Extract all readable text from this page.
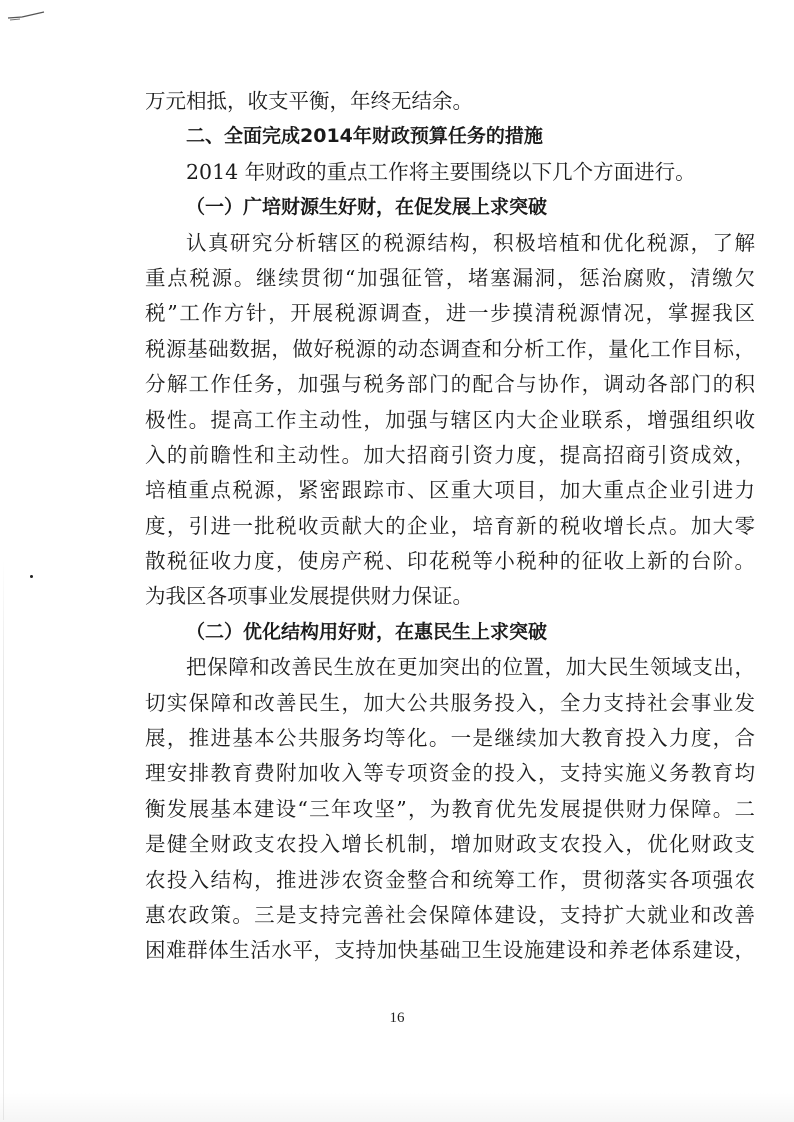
万元相抵，收支平衡，年终无结余。
二、全面完成2014年财政预算任务的措施
2014 年财政的重点工作将主要围绕以下几个方面进行。
（一）广培财源生好财，在促发展上求突破
认真研究分析辖区的税源结构，积极培植和优化税源，了解
重点税源。继续贯彻“加强征管，堵塞漏洞，惩治腐败，清缴欠
税”工作方针，开展税源调查，进一步摸清税源情况，掌握我区
税源基础数据，做好税源的动态调查和分析工作，量化工作目标，
分解工作任务，加强与税务部门的配合与协作，调动各部门的积
极性。提高工作主动性，加强与辖区内大企业联系，增强组织收
入的前瞻性和主动性。加大招商引资力度，提高招商引资成效，
培植重点税源，紧密跟踪市、区重大项目，加大重点企业引进力
度，引进一批税收贡献大的企业，培育新的税收增长点。加大零
散税征收力度，使房产税、印花税等小税种的征收上新的台阶。
为我区各项事业发展提供财力保证。
（二）优化结构用好财，在惠民生上求突破
把保障和改善民生放在更加突出的位置，加大民生领域支出，
切实保障和改善民生，加大公共服务投入，全力支持社会事业发
展，推进基本公共服务均等化。一是继续加大教育投入力度，合
理安排教育费附加收入等专项资金的投入，支持实施义务教育均
衡发展基本建设“三年攻坚”，为教育优先发展提供财力保障。二
是健全财政支农投入增长机制，增加财政支农投入，优化财政支
农投入结构，推进涉农资金整合和统筹工作，贯彻落实各项强农
惠农政策。三是支持完善社会保障体建设，支持扩大就业和改善
困难群体生活水平，支持加快基础卫生设施建设和养老体系建设，
16
